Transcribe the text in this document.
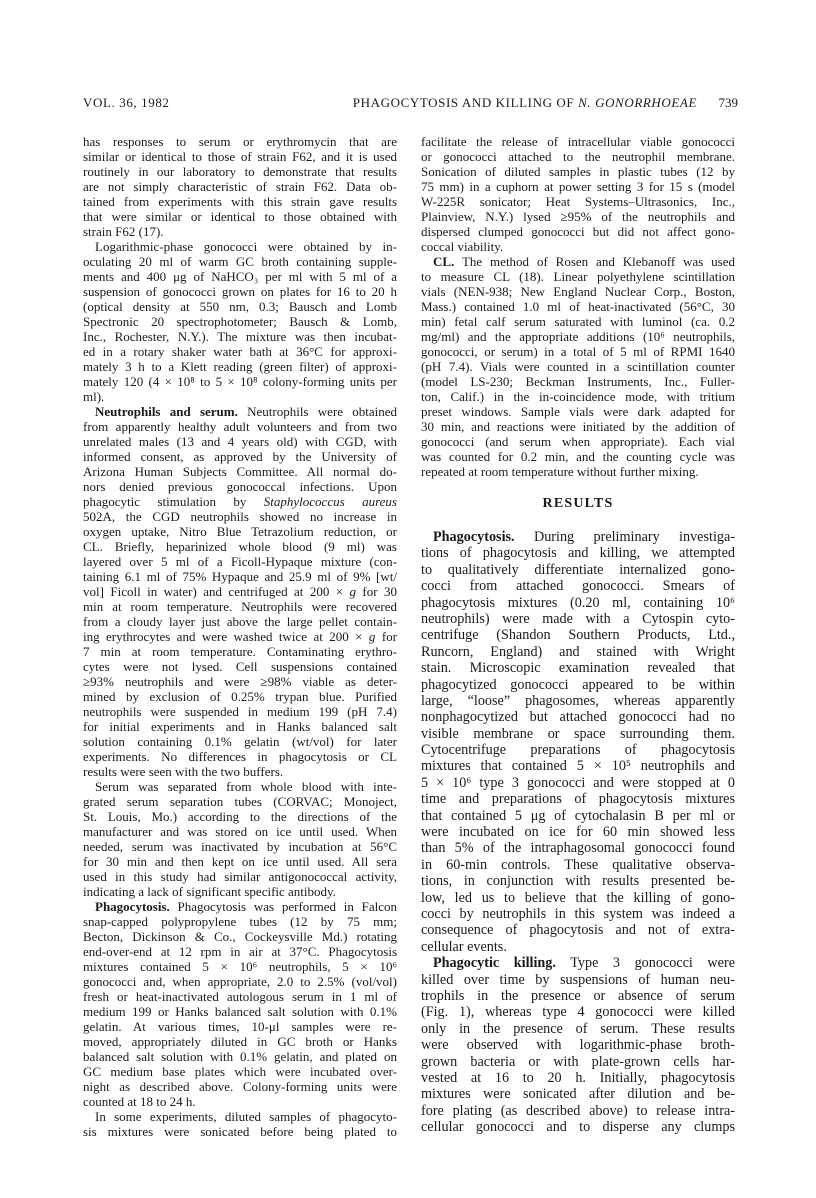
VOL. 36, 1982	PHAGOCYTOSIS AND KILLING OF N. GONORRHOEAE 739
has responses to serum or erythromycin that are
similar or identical to those of strain F62, and it is used
routinely in our laboratory to demonstrate that results
are not simply characteristic of strain F62. Data ob-
tained from experiments with this strain gave results
that were similar or identical to those obtained with
strain F62 (17).
Logarithmic-phase gonococci were obtained by in-
oculating 20 ml of warm GC broth containing supple-
ments and 400 μg of NaHCO₃ per ml with 5 ml of a
suspension of gonococci grown on plates for 16 to 20 h
(optical density at 550 nm, 0.3; Bausch and Lomb
Spectronic 20 spectrophotometer; Bausch & Lomb,
Inc., Rochester, N.Y.). The mixture was then incubat-
ed in a rotary shaker water bath at 36°C for approxi-
mately 3 h to a Klett reading (green filter) of approxi-
mately 120 (4 × 10⁸ to 5 × 10⁸ colony-forming units per
ml).
Neutrophils and serum. Neutrophils were obtained
from apparently healthy adult volunteers and from two
unrelated males (13 and 4 years old) with CGD, with
informed consent, as approved by the University of
Arizona Human Subjects Committee. All normal do-
nors denied previous gonococcal infections. Upon
phagocytic stimulation by Staphylococcus aureus
502A, the CGD neutrophils showed no increase in
oxygen uptake, Nitro Blue Tetrazolium reduction, or
CL. Briefly, heparinized whole blood (9 ml) was
layered over 5 ml of a Ficoll-Hypaque mixture (con-
taining 6.1 ml of 75% Hypaque and 25.9 ml of 9% [wt/
vol] Ficoll in water) and centrifuged at 200 × g for 30
min at room temperature. Neutrophils were recovered
from a cloudy layer just above the large pellet contain-
ing erythrocytes and were washed twice at 200 × g for
7 min at room temperature. Contaminating erythro-
cytes were not lysed. Cell suspensions contained
≥93% neutrophils and were ≥98% viable as deter-
mined by exclusion of 0.25% trypan blue. Purified
neutrophils were suspended in medium 199 (pH 7.4)
for initial experiments and in Hanks balanced salt
solution containing 0.1% gelatin (wt/vol) for later
experiments. No differences in phagocytosis or CL
results were seen with the two buffers.
Serum was separated from whole blood with inte-
grated serum separation tubes (CORVAC; Monoject,
St. Louis, Mo.) according to the directions of the
manufacturer and was stored on ice until used. When
needed, serum was inactivated by incubation at 56°C
for 30 min and then kept on ice until used. All sera
used in this study had similar antigonococcal activity,
indicating a lack of significant specific antibody.
Phagocytosis. Phagocytosis was performed in Falcon
snap-capped polypropylene tubes (12 by 75 mm;
Becton, Dickinson & Co., Cockeysville Md.) rotating
end-over-end at 12 rpm in air at 37°C. Phagocytosis
mixtures contained 5 × 10⁶ neutrophils, 5 × 10⁶
gonococci and, when appropriate, 2.0 to 2.5% (vol/vol)
fresh or heat-inactivated autologous serum in 1 ml of
medium 199 or Hanks balanced salt solution with 0.1%
gelatin. At various times, 10-μl samples were re-
moved, appropriately diluted in GC broth or Hanks
balanced salt solution with 0.1% gelatin, and plated on
GC medium base plates which were incubated over-
night as described above. Colony-forming units were
counted at 18 to 24 h.
In some experiments, diluted samples of phagocyto-
sis mixtures were sonicated before being plated to
facilitate the release of intracellular viable gonococci
or gonococci attached to the neutrophil membrane.
Sonication of diluted samples in plastic tubes (12 by
75 mm) in a cuphorn at power setting 3 for 15 s (model
W-225R sonicator; Heat Systems–Ultrasonics, Inc.,
Plainview, N.Y.) lysed ≥95% of the neutrophils and
dispersed clumped gonococci but did not affect gono-
coccal viability.
CL. The method of Rosen and Klebanoff was used
to measure CL (18). Linear polyethylene scintillation
vials (NEN-938; New England Nuclear Corp., Boston,
Mass.) contained 1.0 ml of heat-inactivated (56°C, 30
min) fetal calf serum saturated with luminol (ca. 0.2
mg/ml) and the appropriate additions (10⁶ neutrophils,
gonococci, or serum) in a total of 5 ml of RPMI 1640
(pH 7.4). Vials were counted in a scintillation counter
(model LS-230; Beckman Instruments, Inc., Fuller-
ton, Calif.) in the in-coincidence mode, with tritium
preset windows. Sample vials were dark adapted for
30 min, and reactions were initiated by the addition of
gonococci (and serum when appropriate). Each vial
was counted for 0.2 min, and the counting cycle was
repeated at room temperature without further mixing.
RESULTS
Phagocytosis. During preliminary investiga-
tions of phagocytosis and killing, we attempted
to qualitatively differentiate internalized gono-
cocci from attached gonococci. Smears of
phagocytosis mixtures (0.20 ml, containing 10⁶
neutrophils) were made with a Cytospin cyto-
centrifuge (Shandon Southern Products, Ltd.,
Runcorn, England) and stained with Wright
stain. Microscopic examination revealed that
phagocytized gonococci appeared to be within
large, “loose” phagosomes, whereas apparently
nonphagocytized but attached gonococci had no
visible membrane or space surrounding them.
Cytocentrifuge preparations of phagocytosis
mixtures that contained 5 × 10⁵ neutrophils and
5 × 10⁶ type 3 gonococci and were stopped at 0
time and preparations of phagocytosis mixtures
that contained 5 μg of cytochalasin B per ml or
were incubated on ice for 60 min showed less
than 5% of the intraphagosomal gonococci found
in 60-min controls. These qualitative observa-
tions, in conjunction with results presented be-
low, led us to believe that the killing of gono-
cocci by neutrophils in this system was indeed a
consequence of phagocytosis and not of extra-
cellular events.
Phagocytic killing. Type 3 gonococci were
killed over time by suspensions of human neu-
trophils in the presence or absence of serum
(Fig. 1), whereas type 4 gonococci were killed
only in the presence of serum. These results
were observed with logarithmic-phase broth-
grown bacteria or with plate-grown cells har-
vested at 16 to 20 h. Initially, phagocytosis
mixtures were sonicated after dilution and be-
fore plating (as described above) to release intra-
cellular gonococci and to disperse any clumps
